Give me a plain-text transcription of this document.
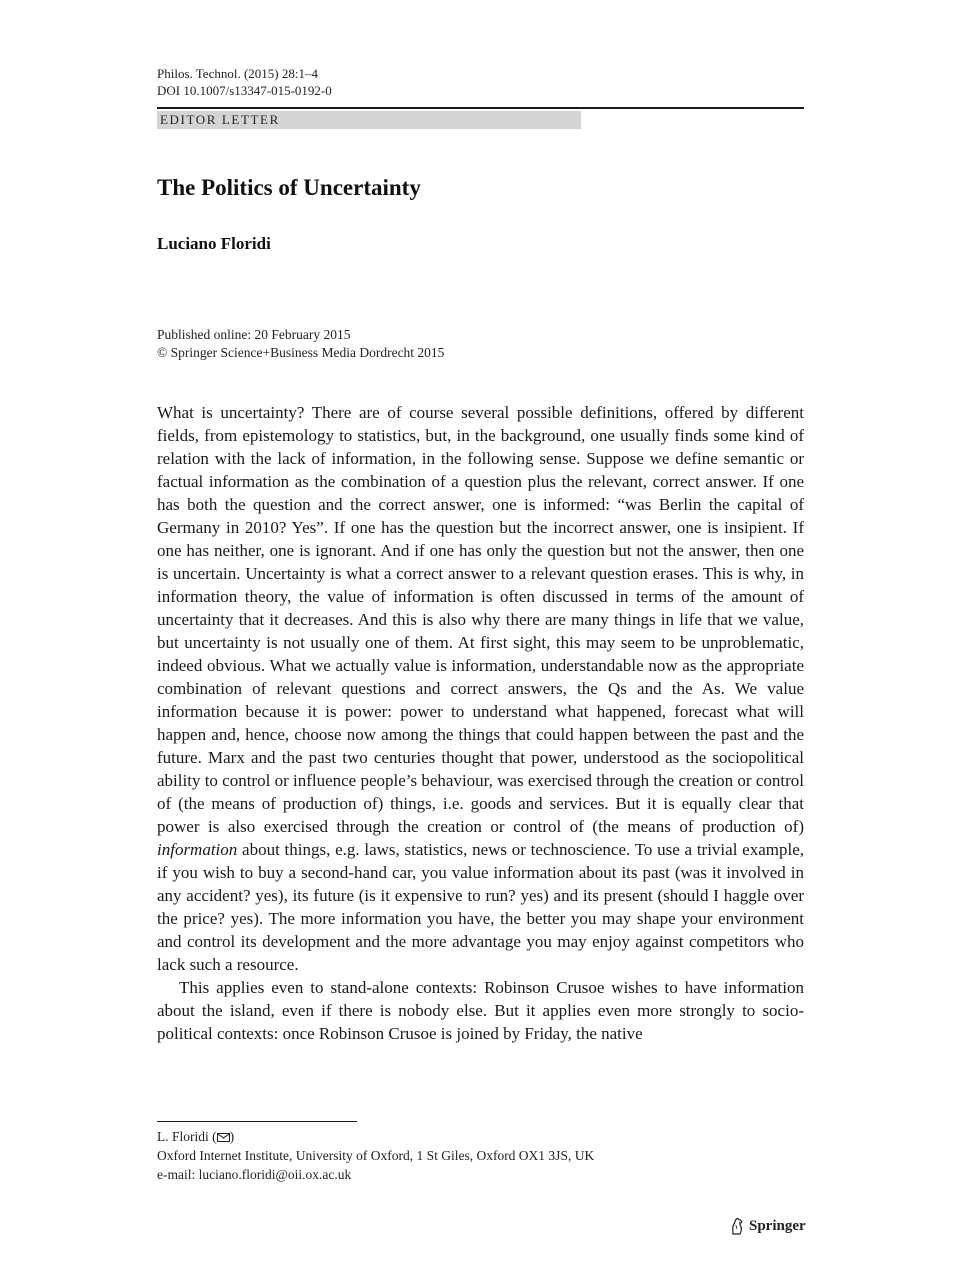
Philos. Technol. (2015) 28:1–4
DOI 10.1007/s13347-015-0192-0
EDITOR LETTER
The Politics of Uncertainty
Luciano Floridi
Published online: 20 February 2015
© Springer Science+Business Media Dordrecht 2015

What is uncertainty? There are of course several possible definitions, offered by different fields, from epistemology to statistics, but, in the background, one usually finds some kind of relation with the lack of information, in the following sense. Suppose we define semantic or factual information as the combination of a question plus the relevant, correct answer. If one has both the question and the correct answer, one is informed: “was Berlin the capital of Germany in 2010? Yes”. If one has the question but the incorrect answer, one is insipient. If one has neither, one is ignorant. And if one has only the question but not the answer, then one is uncertain. Uncertainty is what a correct answer to a relevant question erases. This is why, in information theory, the value of information is often discussed in terms of the amount of uncertainty that it decreases. And this is also why there are many things in life that we value, but uncertainty is not usually one of them. At first sight, this may seem to be unproblematic, indeed obvious. What we actually value is information, understandable now as the appropriate combination of relevant questions and correct answers, the Qs and the As. We value information because it is power: power to understand what happened, forecast what will happen and, hence, choose now among the things that could happen between the past and the future. Marx and the past two centuries thought that power, understood as the sociopolitical ability to control or influence people’s behaviour, was exercised through the creation or control of (the means of production of) things, i.e. goods and services. But it is equally clear that power is also exercised through the creation or control of (the means of production of) information about things, e.g. laws, statistics, news or technoscience. To use a trivial example, if you wish to buy a second-hand car, you value information about its past (was it involved in any accident? yes), its future (is it expensive to run? yes) and its present (should I haggle over the price? yes). The more information you have, the better you may shape your environment and control its development and the more advantage you may enjoy against competitors who lack such a resource.

This applies even to stand-alone contexts: Robinson Crusoe wishes to have information about the island, even if there is nobody else. But it applies even more strongly to socio-political contexts: once Robinson Crusoe is joined by Friday, the native

L. Floridi ( )
Oxford Internet Institute, University of Oxford, 1 St Giles, Oxford OX1 3JS, UK
e-mail: luciano.floridi@oii.ox.ac.uk
Springer
